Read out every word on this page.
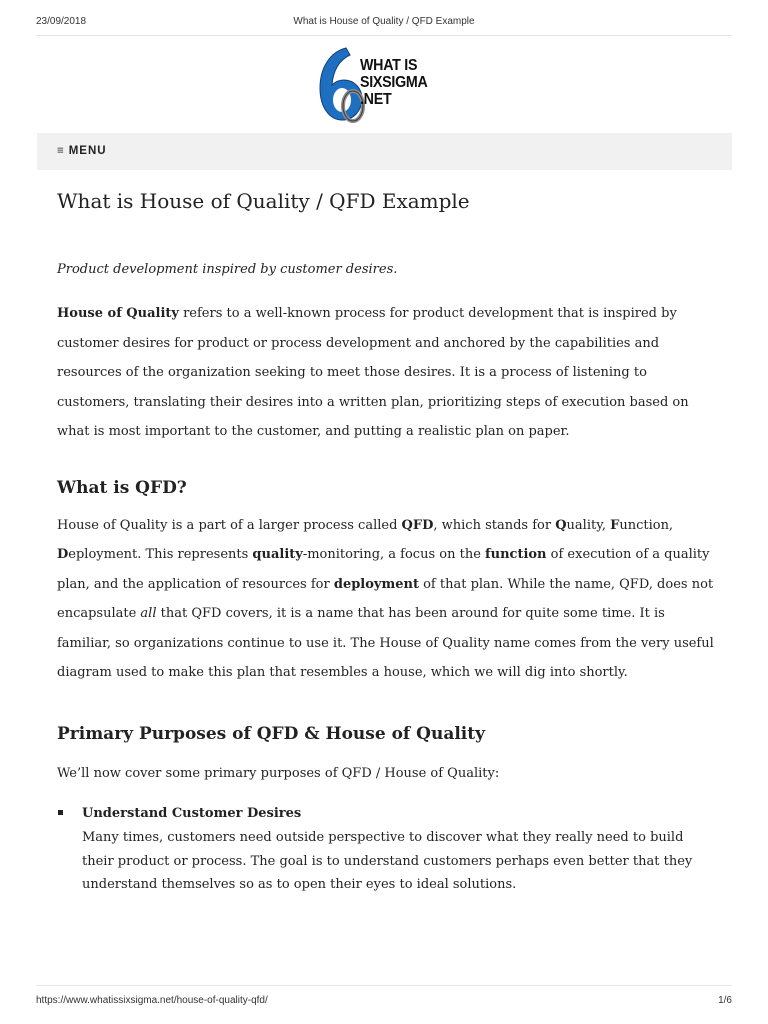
23/09/2018	What is House of Quality / QFD Example
WHAT IS
SIXSIGMA
.NET
≡ MENU
What is House of Quality / QFD Example

Product development inspired by customer desires.

House of Quality refers to a well-known process for product development that is inspired by customer desires for product or process development and anchored by the capabilities and resources of the organization seeking to meet those desires. It is a process of listening to customers, translating their desires into a written plan, prioritizing steps of execution based on what is most important to the customer, and putting a realistic plan on paper.

What is QFD?

House of Quality is a part of a larger process called QFD, which stands for Quality, Function, Deployment. This represents quality-monitoring, a focus on the function of execution of a quality plan, and the application of resources for deployment of that plan. While the name, QFD, does not encapsulate all that QFD covers, it is a name that has been around for quite some time. It is familiar, so organizations continue to use it. The House of Quality name comes from the very useful diagram used to make this plan that resembles a house, which we will dig into shortly.

Primary Purposes of QFD & House of Quality

We’ll now cover some primary purposes of QFD / House of Quality:

Understand Customer Desires
Many times, customers need outside perspective to discover what they really need to build their product or process. The goal is to understand customers perhaps even better that they understand themselves so as to open their eyes to ideal solutions.
https://www.whatissixsigma.net/house-of-quality-qfd/	1/6
